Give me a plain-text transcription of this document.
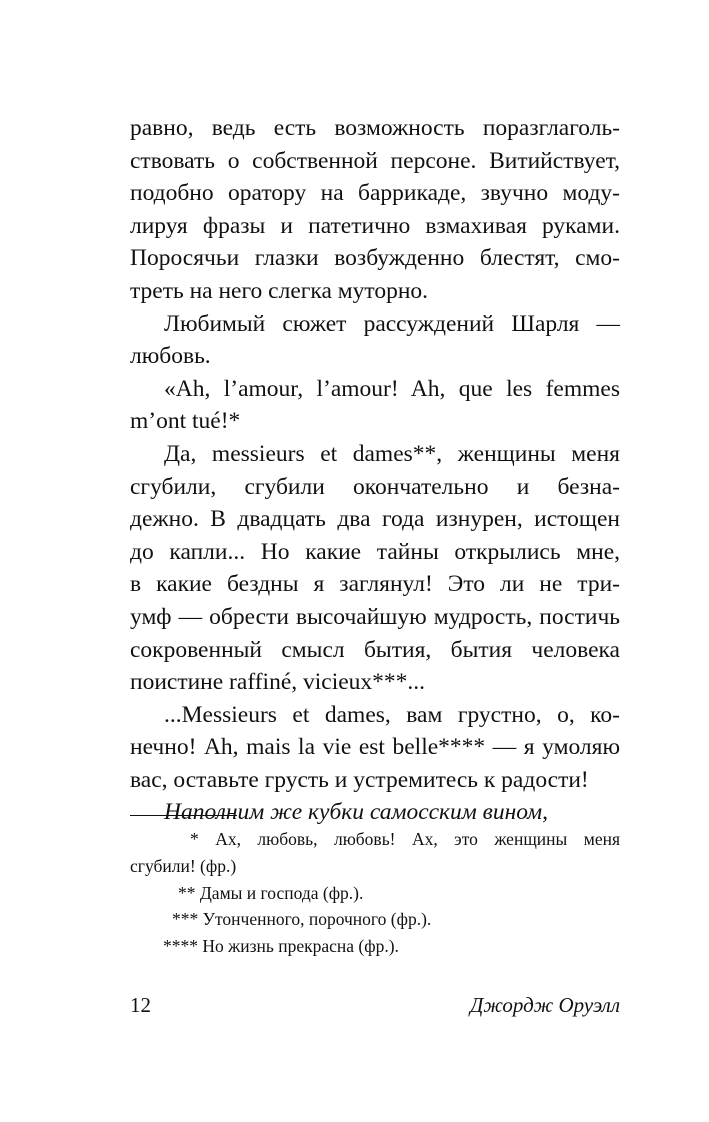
равно, ведь есть возможность поразглаголь-
ствовать о собственной персоне. Витийствует,
подобно оратору на баррикаде, звучно моду-
лируя фразы и патетично взмахивая руками.
Поросячьи глазки возбужденно блестят, смо-
треть на него слегка муторно.
Любимый сюжет рассуждений Шарля —
любовь.
«Ah, l’amour, l’amour! Ah, que les femmes
m’ont tué!*
Да, messieurs et dames**, женщины меня
сгубили, сгубили окончательно и безна-
дежно. В двадцать два года изнурен, истощен
до капли... Но какие тайны открылись мне,
в какие бездны я заглянул! Это ли не три-
умф — обрести высочайшую мудрость, постичь
сокровенный смысл бытия, бытия человека
поистине raffiné, vicieux***...
...Messieurs et dames, вам грустно, о, ко-
нечно! Ah, mais la vie est belle**** — я умоляю
вас, оставьте грусть и устремитесь к радости!
Наполним же кубки самосским вином,
* Ах, любовь, любовь! Ах, это женщины меня
сгубили! (фр.)
** Дамы и господа (фр.).
*** Утонченного, порочного (фр.).
**** Но жизнь прекрасна (фр.).
12	Джордж Оруэлл
